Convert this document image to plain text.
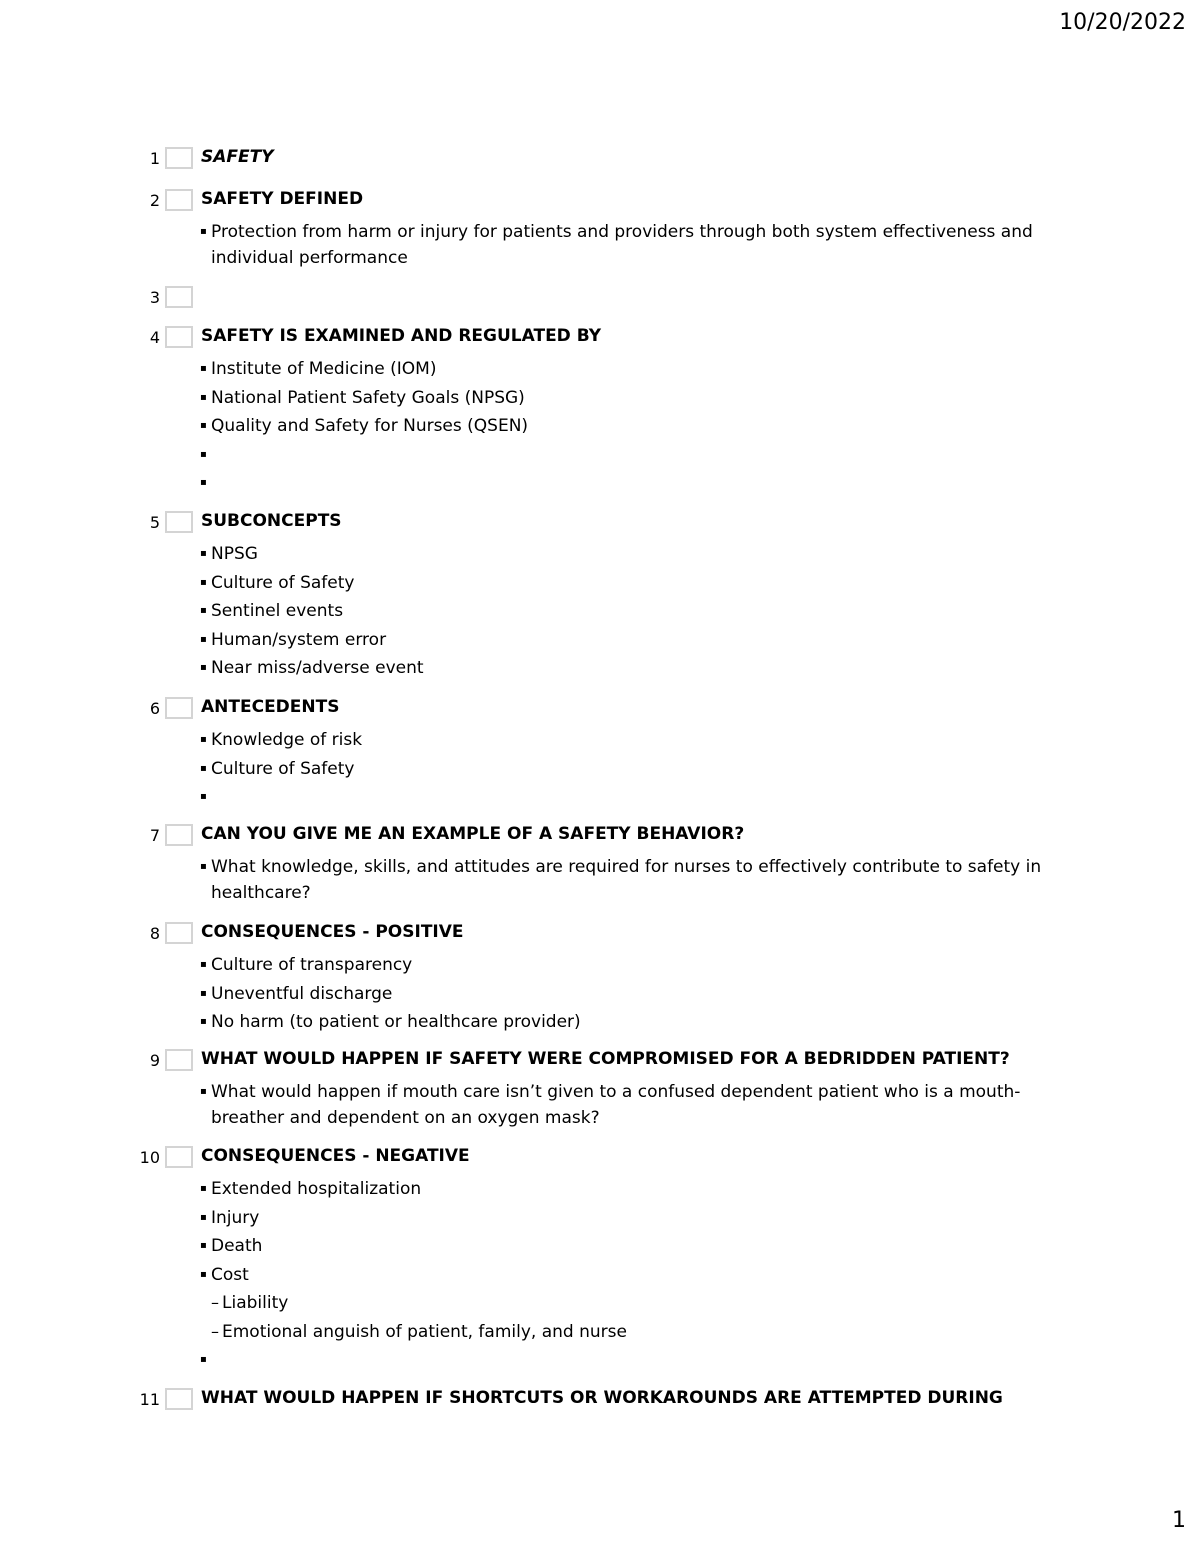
10/20/2022
1 SAFETY
2 SAFETY DEFINED
▪ Protection from harm or injury for patients and providers through both system effectiveness and individual performance
3
4 SAFETY IS EXAMINED AND REGULATED BY
▪ Institute of Medicine (IOM)
▪ National Patient Safety Goals (NPSG)
▪ Quality and Safety for Nurses (QSEN)
▪
▪
5 SUBCONCEPTS
▪ NPSG
▪ Culture of Safety
▪ Sentinel events
▪ Human/system error
▪ Near miss/adverse event
6 ANTECEDENTS
▪ Knowledge of risk
▪ Culture of Safety
▪
7 CAN YOU GIVE ME AN EXAMPLE OF A SAFETY BEHAVIOR?
▪ What knowledge, skills, and attitudes are required for nurses to effectively contribute to safety in healthcare?
8 CONSEQUENCES - POSITIVE
▪ Culture of transparency
▪ Uneventful discharge
▪ No harm (to patient or healthcare provider)
9 WHAT WOULD HAPPEN IF SAFETY WERE COMPROMISED FOR A BEDRIDDEN PATIENT?
▪ What would happen if mouth care isn’t given to a confused dependent patient who is a mouth-breather and dependent on an oxygen mask?
10 CONSEQUENCES - NEGATIVE
▪ Extended hospitalization
▪ Injury
▪ Death
▪ Cost
– Liability
– Emotional anguish of patient, family, and nurse
▪
11 WHAT WOULD HAPPEN IF SHORTCUTS OR WORKAROUNDS ARE ATTEMPTED DURING
1
